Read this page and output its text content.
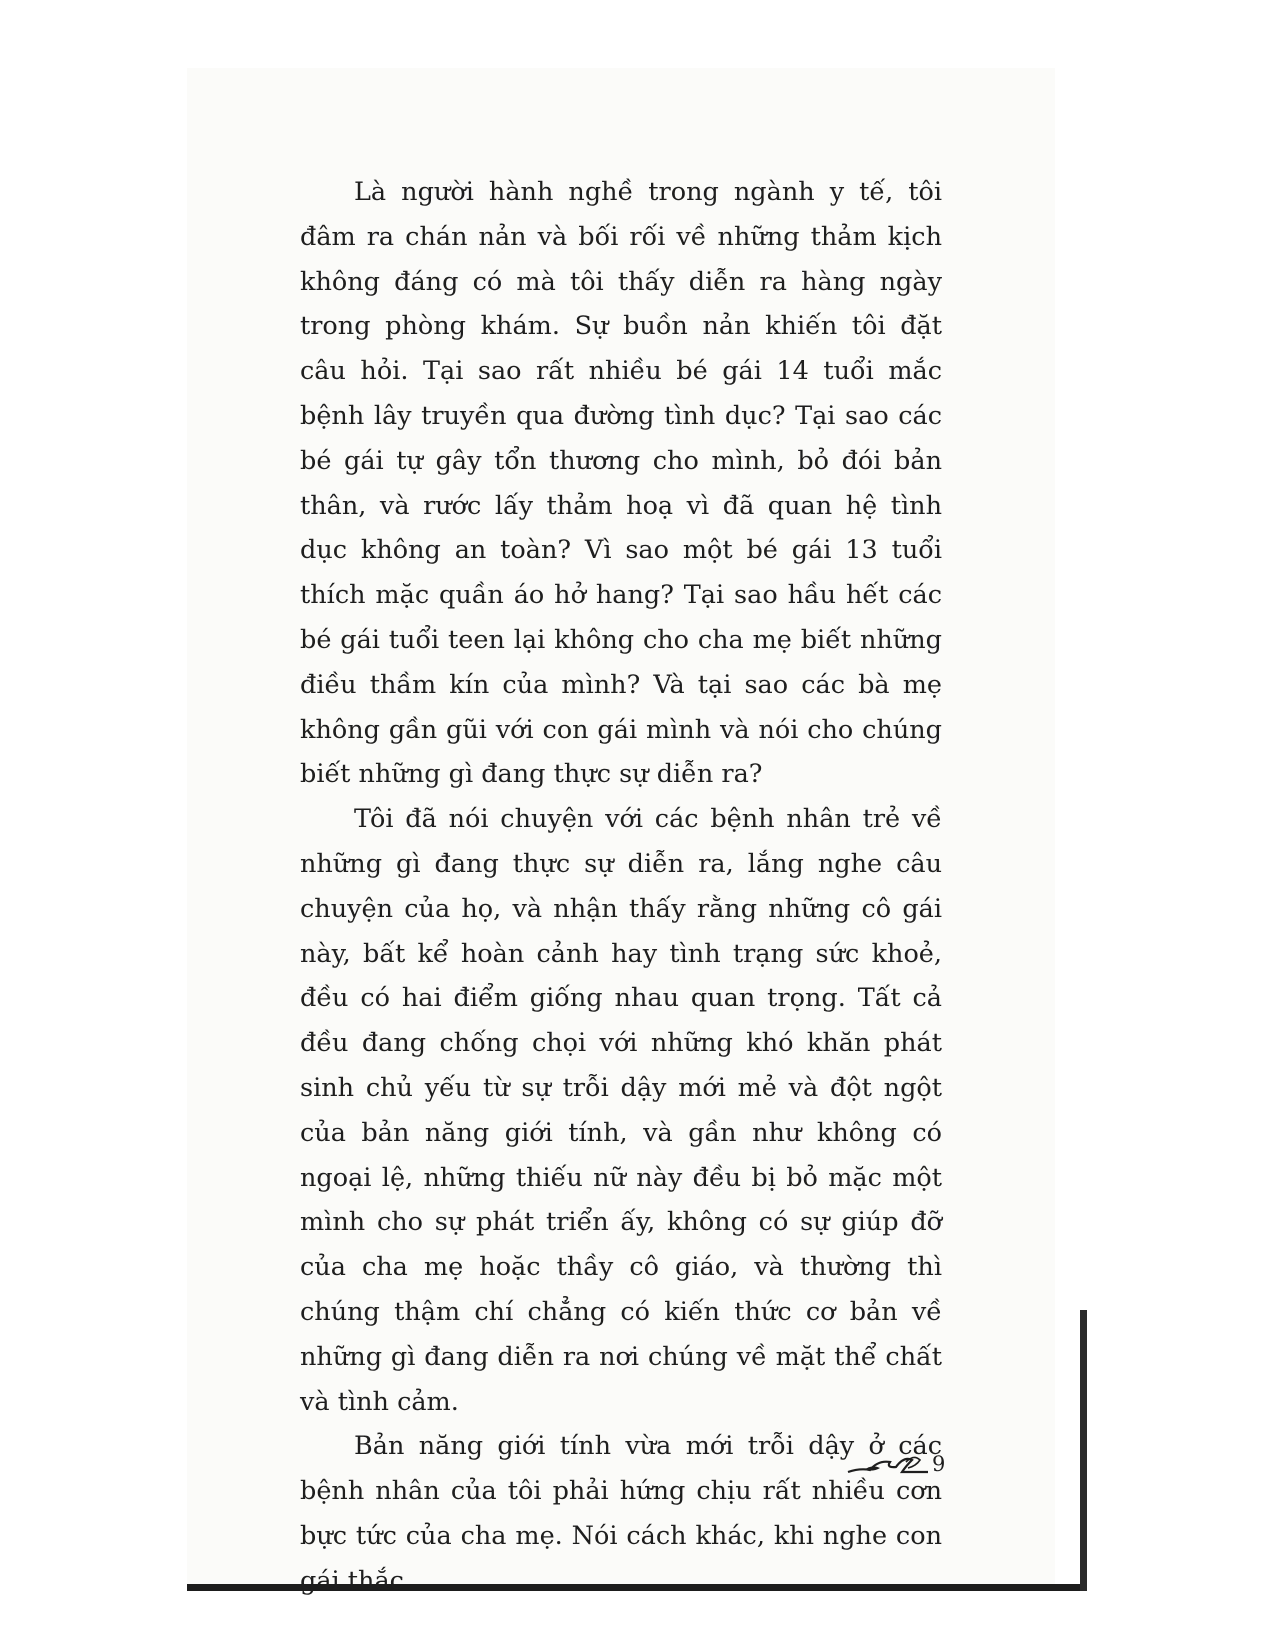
Là người hành nghề trong ngành y tế, tôi đâm ra chán nản và bối rối về những thảm kịch không đáng có mà tôi thấy diễn ra hàng ngày trong phòng khám. Sự buồn nản khiến tôi đặt câu hỏi. Tại sao rất nhiều bé gái 14 tuổi mắc bệnh lây truyền qua đường tình dục? Tại sao các bé gái tự gây tổn thương cho mình, bỏ đói bản thân, và rước lấy thảm hoạ vì đã quan hệ tình dục không an toàn? Vì sao một bé gái 13 tuổi thích mặc quần áo hở hang? Tại sao hầu hết các bé gái tuổi teen lại không cho cha mẹ biết những điều thầm kín của mình? Và tại sao các bà mẹ không gần gũi với con gái mình và nói cho chúng biết những gì đang thực sự diễn ra?

Tôi đã nói chuyện với các bệnh nhân trẻ về những gì đang thực sự diễn ra, lắng nghe câu chuyện của họ, và nhận thấy rằng những cô gái này, bất kể hoàn cảnh hay tình trạng sức khoẻ, đều có hai điểm giống nhau quan trọng. Tất cả đều đang chống chọi với những khó khăn phát sinh chủ yếu từ sự trỗi dậy mới mẻ và đột ngột của bản năng giới tính, và gần như không có ngoại lệ, những thiếu nữ này đều bị bỏ mặc một mình cho sự phát triển ấy, không có sự giúp đỡ của cha mẹ hoặc thầy cô giáo, và thường thì chúng thậm chí chẳng có kiến thức cơ bản về những gì đang diễn ra nơi chúng về mặt thể chất và tình cảm.

Bản năng giới tính vừa mới trỗi dậy ở các bệnh nhân của tôi phải hứng chịu rất nhiều cơn bực tức của cha mẹ. Nói cách khác, khi nghe con gái thắc

9
